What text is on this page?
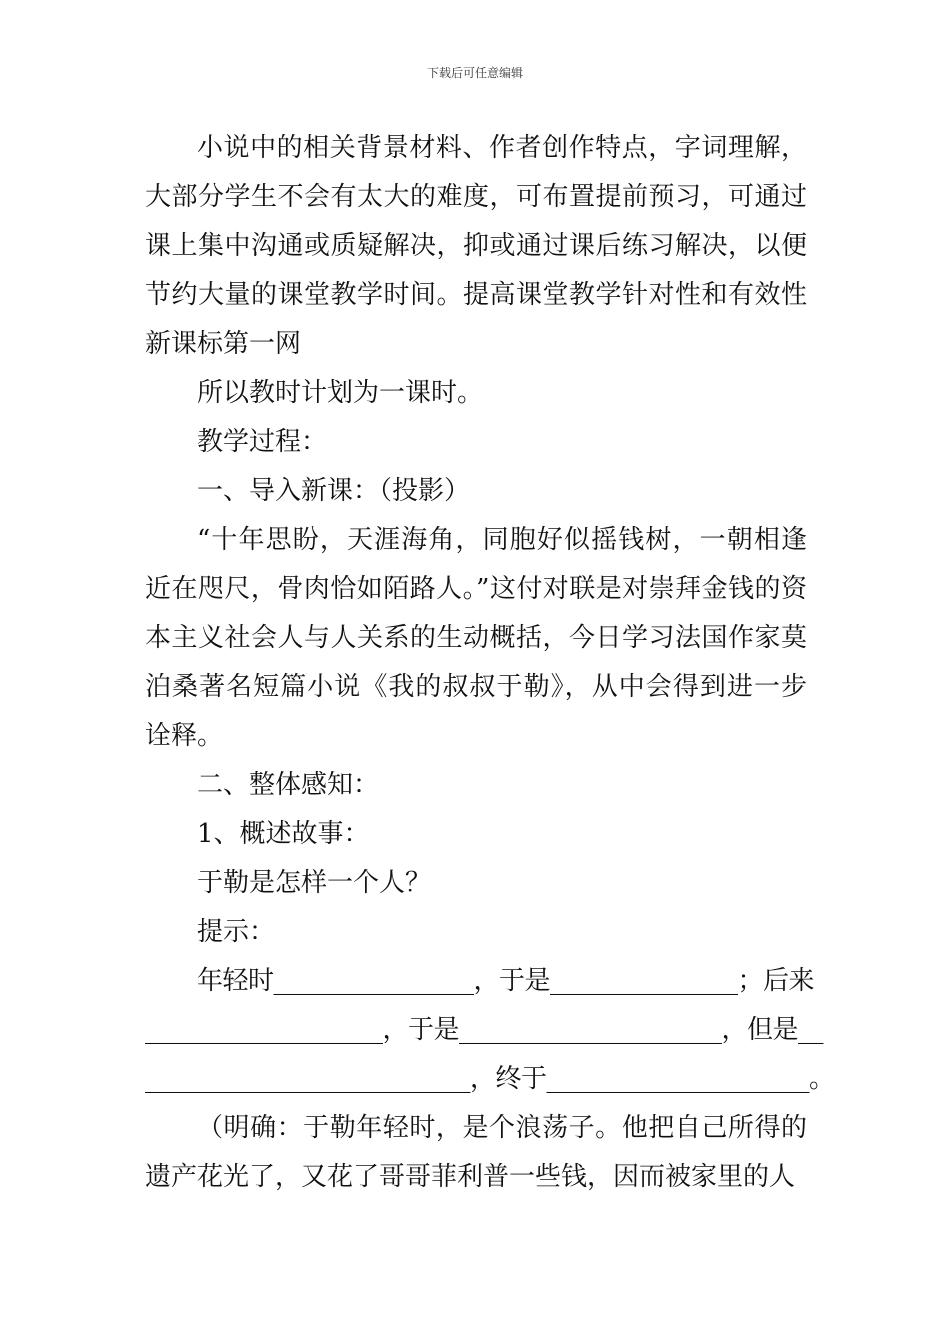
下载后可任意编辑

小说中的相关背景材料、作者创作特点，字词理解，大部分学生不会有太大的难度，可布置提前预习，可通过课上集中沟通或质疑解决，抑或通过课后练习解决，以便节约大量的课堂教学时间。提高课堂教学针对性和有效性新课标第一网

所以教时计划为一课时。

教学过程：

一、导入新课：（投影）

“十年思盼，天涯海角，同胞好似摇钱树，一朝相逢近在咫尺，骨肉恰如陌路人。”这付对联是对崇拜金钱的资本主义社会人与人关系的生动概括，今日学习法国作家莫泊桑著名短篇小说《我的叔叔于勒》，从中会得到进一步诠释。

二、整体感知：

1、概述故事：

于勒是怎样一个人？

提示：

年轻时________________，于是_______________；后来

___________________，于是_____________________，但是__

__________________________，终于_____________________。

（明确：于勒年轻时，是个浪荡子。他把自己所得的遗产花光了，又花了哥哥菲利普一些钱，因而被家里的人
